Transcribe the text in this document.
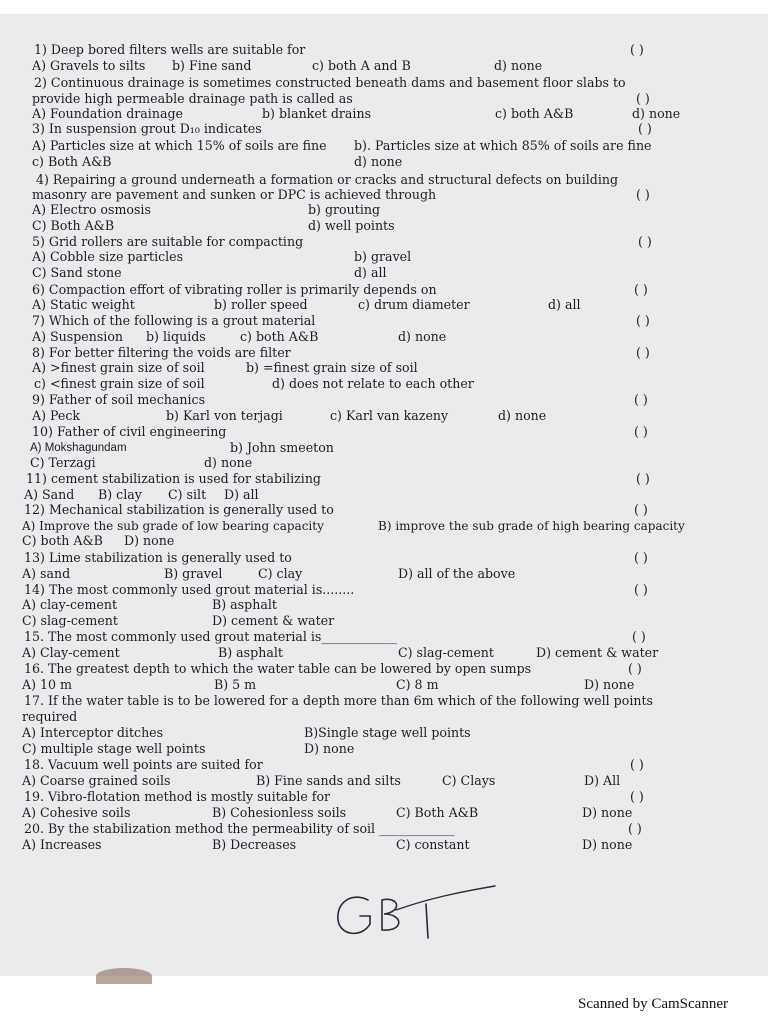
1) Deep bored filters wells are suitable for	( )
A) Gravels to silts b) Fine sand	c) both A and B	d) none
2) Continuous drainage is sometimes constructed beneath dams and basement floor slabs to
provide high permeable drainage path is called as	( )
A) Foundation drainage	b) blanket drains	c) both A&B	d) none
3) In suspension grout D₁₀ indicates	( )
A) Particles size at which 15% of soils are fine b). Particles size at which 85% of soils are fine
c) Both A&B	d) none
4) Repairing a ground underneath a formation or cracks and structural defects on building
masonry are pavement and sunken or DPC is achieved through	( )
A) Electro osmosis	b) grouting
C) Both A&B	d) well points
5) Grid rollers are suitable for compacting	( )
A) Cobble size particles	b) gravel
C) Sand stone	d) all
6) Compaction effort of vibrating roller is primarily depends on	( )
A) Static weight	b) roller speed	c) drum diameter	d) all
7) Which of the following is a grout material	( )
A) Suspension b) liquids	c) both A&B	d) none
8) For better filtering the voids are filter	( )
A) >finest grain size of soil	b) =finest grain size of soil
c) <finest grain size of soil	d) does not relate to each other
9) Father of soil mechanics	( )
A) Peck	b) Karl von terjagi	c) Karl van kazeny	d) none
10) Father of civil engineering	( )
A) Mokshagundam	b) John smeeton
C) Terzagi	d) none
11) cement stabilization is used for stabilizing	( )
A) Sand B) clay C) silt D) all
12) Mechanical stabilization is generally used to	( )
A) Improve the sub grade of low bearing capacity	B) improve the sub grade of high bearing capacity
C) both A&B D) none
13) Lime stabilization is generally used to	( )
A) sand	B) gravel	C) clay	D) all of the above
14) The most commonly used grout material is........	( )
A) clay-cement	B) asphalt
C) slag-cement	D) cement & water
15. The most commonly used grout material is____________	( )
A) Clay-cement	B) asphalt	C) slag-cement	D) cement & water
16. The greatest depth to which the water table can be lowered by open sumps	( )
A) 10 m	B) 5 m	C) 8 m	D) none
17. If the water table is to be lowered for a depth more than 6m which of the following well points
required
A) Interceptor ditches	B)Single stage well points
C) multiple stage well points	D) none
18. Vacuum well points are suited for	( )
A) Coarse grained soils	B) Fine sands and silts	C) Clays	D) All
19. Vibro-flotation method is mostly suitable for	( )
A) Cohesive soils	B) Cohesionless soils	C) Both A&B	D) none
20. By the stabilization method the permeability of soil ____________	( )
A) Increases	B) Decreases	C) constant	D) none
Scanned by CamScanner
